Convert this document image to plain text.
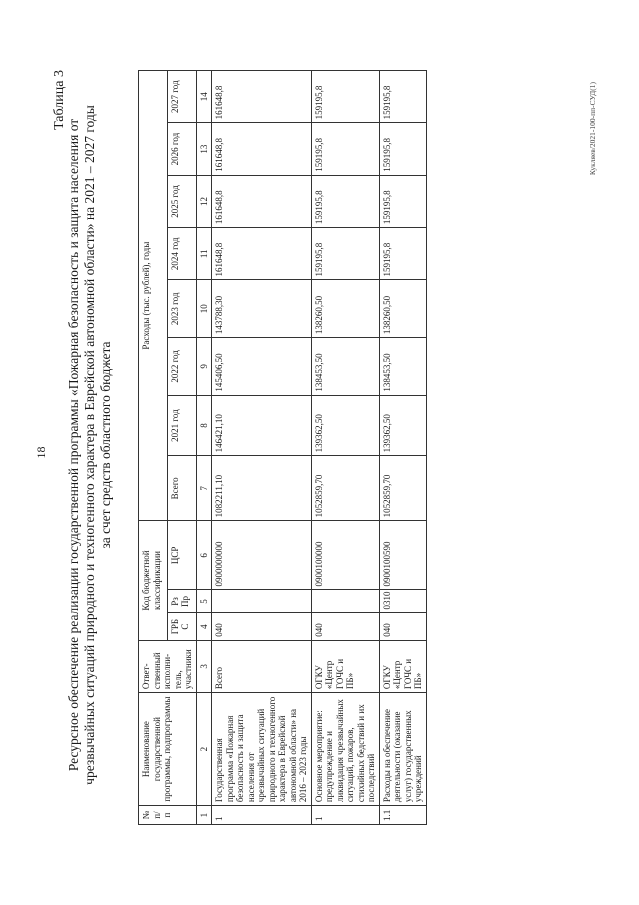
18
Таблица 3
Ресурсное обеспечение реализации государственной программы «Пожарная безопасность и защита населения от чрезвычайных ситуаций природного и техногенного характера в Еврейской автономной области» на 2021 – 2027 годы за счет средств областного бюджета
№ п/ п	Наименование государственной программы, подпрограммы	Ответ-ственный исполни-тель, участники	Код бюджетной классификации			Расходы (тыс. рублей), годы							
			ГРБ С	Рз Пр	ЦСР	Всего	2021 год	2022 год	2023 год	2024 год	2025 год	2026 год	2027 год
1	2	3	4	5	6	7	8	9	10	11	12	13	14
1	Государственная программа «Пожарная безопасность и защита населения от чрезвычайных ситуаций природного и техногенного характера в Еврейской автономной области» на 2016 – 2023 годы	Всего	040		0900000000	1082211,10	146421,10	145406,50	143788,30	161648,8	161648,8	161648,8	161648,8
1	Основное мероприятие: предупреждение и ликвидация чрезвычайных ситуаций, пожаров, стихийных бедствий и их последствий	ОГКУ «Центр ГОЧС и ПБ»	040		0900100000	1052859,70	139362,50	138453,50	138260,50	159195,8	159195,8	159195,8	159195,8
1.1	Расходы на обеспечение деятельности (оказание услуг) государственных учреждений	ОГКУ «Центр ГОЧС и ПБ»	040	0310	0900100590	1052859,70	139362,50	138453,50	138260,50	159195,8	159195,8	159195,8	159195,8	Кукляев/2021-100-пп-СУД(1)
